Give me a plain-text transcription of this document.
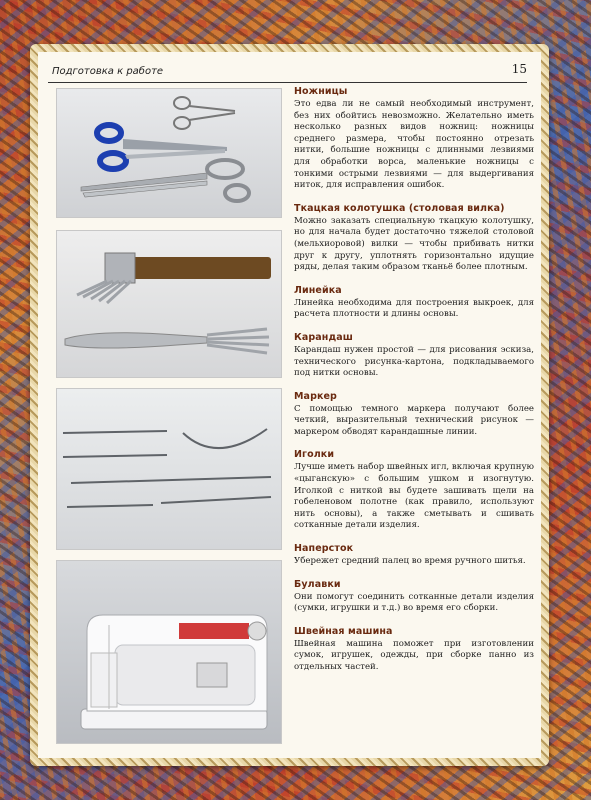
Подготовка к работе	15
Ножницы

Это едва ли не самый необходимый инструмент, без них обойтись невозможно. Желательно иметь несколько разных видов ножниц: ножницы среднего размера, чтобы постоянно отрезать нитки, большие ножницы с длинными лезвиями для обработки ворса, маленькие ножницы с тонкими острыми лезвиями — для выдергивания ниток, для исправления ошибок.

Ткацкая колотушка (столовая вилка)

Можно заказать специальную ткацкую колотушку, но для начала будет достаточно тяжелой столовой (мельхиоровой) вилки — чтобы прибивать нитки друг к другу, уплотнять горизонтально идущие ряды, делая таким образом тканьё более плотным.

Линейка

Линейка необходима для построения выкроек, для расчета плотности и длины основы.

Карандаш

Карандаш нужен простой — для рисования эскиза, технического рисунка-картона, подкладываемого под нитки основы.

Маркер

С помощью темного маркера получают более четкий, выразительный технический рисунок — маркером обводят карандашные линии.

Иголки

Лучше иметь набор швейных игл, включая крупную «цыганскую» с большим ушком и изогнутую. Иголкой с ниткой вы будете зашивать щели на гобеленовом полотне (как правило, используют нить основы), а также сметывать и сшивать сотканные детали изделия.

Наперсток

Убережет средний палец во время ручного шитья.

Булавки

Они помогут соединить сотканные детали изделия (сумки, игрушки и т.д.) во время его сборки.

Швейная машина

Швейная машина поможет при изготовлении сумок, игрушек, одежды, при сборке панно из отдельных частей.
